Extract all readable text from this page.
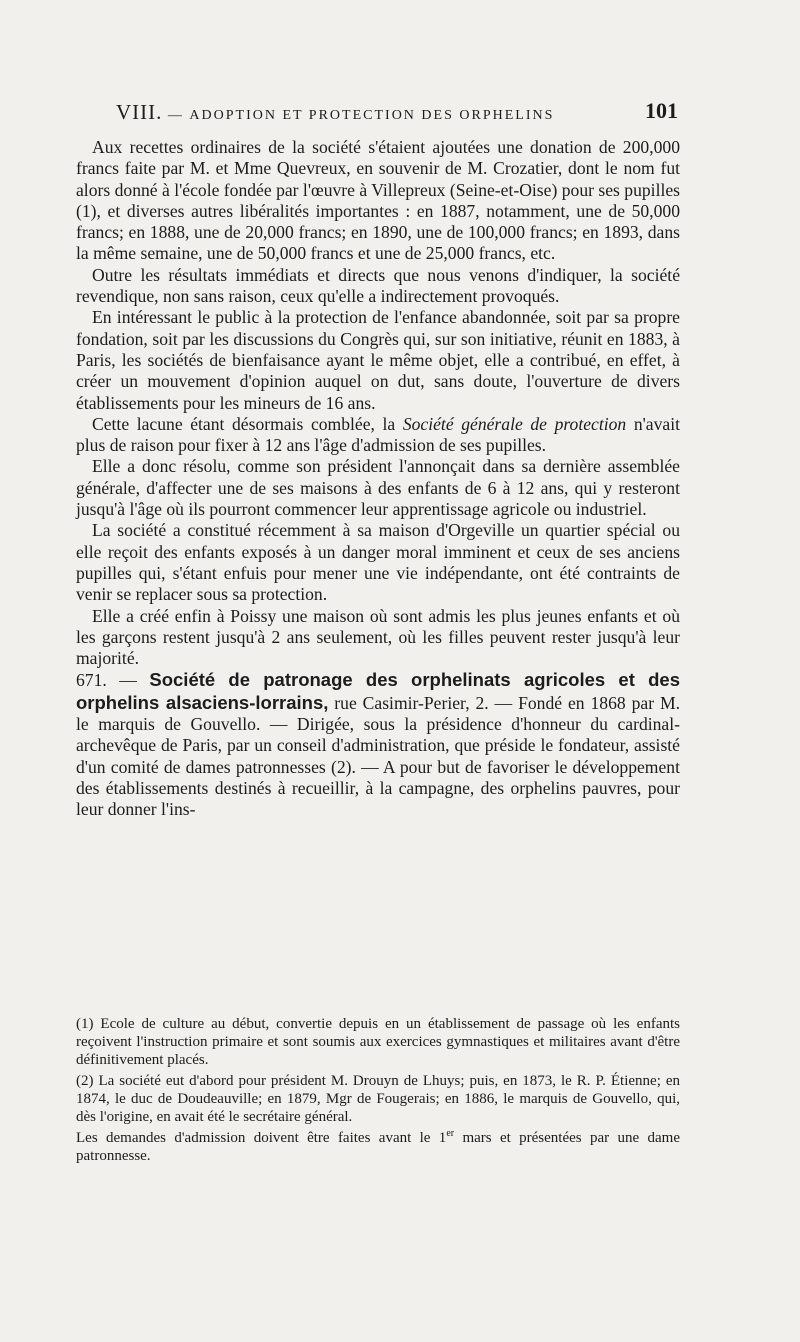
VIII. — ADOPTION ET PROTECTION DES ORPHELINS	101

Aux recettes ordinaires de la société s'étaient ajoutées une donation de 200,000 francs faite par M. et Mme Quevreux, en souvenir de M. Crozatier, dont le nom fut alors donné à l'école fondée par l'œuvre à Villepreux (Seine-et-Oise) pour ses pupilles (1), et diverses autres libéralités importantes : en 1887, notamment, une de 50,000 francs; en 1888, une de 20,000 francs; en 1890, une de 100,000 francs; en 1893, dans la même semaine, une de 50,000 francs et une de 25,000 francs, etc.

Outre les résultats immédiats et directs que nous venons d'indiquer, la société revendique, non sans raison, ceux qu'elle a indirectement provoqués.

En intéressant le public à la protection de l'enfance abandonnée, soit par sa propre fondation, soit par les discussions du Congrès qui, sur son initiative, réunit en 1883, à Paris, les sociétés de bienfaisance ayant le même objet, elle a contribué, en effet, à créer un mouvement d'opinion auquel on dut, sans doute, l'ouverture de divers établissements pour les mineurs de 16 ans.

Cette lacune étant désormais comblée, la Société générale de protection n'avait plus de raison pour fixer à 12 ans l'âge d'admission de ses pupilles.

Elle a donc résolu, comme son président l'annonçait dans sa dernière assemblée générale, d'affecter une de ses maisons à des enfants de 6 à 12 ans, qui y resteront jusqu'à l'âge où ils pourront commencer leur apprentissage agricole ou industriel.

La société a constitué récemment à sa maison d'Orgeville un quartier spécial ou elle reçoit des enfants exposés à un danger moral imminent et ceux de ses anciens pupilles qui, s'étant enfuis pour mener une vie indépendante, ont été contraints de venir se replacer sous sa protection.

Elle a créé enfin à Poissy une maison où sont admis les plus jeunes enfants et où les garçons restent jusqu'à 2 ans seulement, où les filles peuvent rester jusqu'à leur majorité.

671. — Société de patronage des orphelinats agricoles et des orphelins alsaciens-lorrains, rue Casimir-Perier, 2. — Fondé en 1868 par M. le marquis de Gouvello. — Dirigée, sous la présidence d'honneur du cardinal-archevêque de Paris, par un conseil d'administration, que préside le fondateur, assisté d'un comité de dames patronnesses (2). — A pour but de favoriser le développement des établissements destinés à recueillir, à la campagne, des orphelins pauvres, pour leur donner l'ins-

(1) Ecole de culture au début, convertie depuis en un établissement de passage où les enfants reçoivent l'instruction primaire et sont soumis aux exercices gymnastiques et militaires avant d'être définitivement placés.

(2) La société eut d'abord pour président M. Drouyn de Lhuys; puis, en 1873, le R. P. Étienne; en 1874, le duc de Doudeauville; en 1879, Mgr de Fougerais; en 1886, le marquis de Gouvello, qui, dès l'origine, en avait été le secrétaire général.

Les demandes d'admission doivent être faites avant le 1er mars et présentées par une dame patronnesse.
